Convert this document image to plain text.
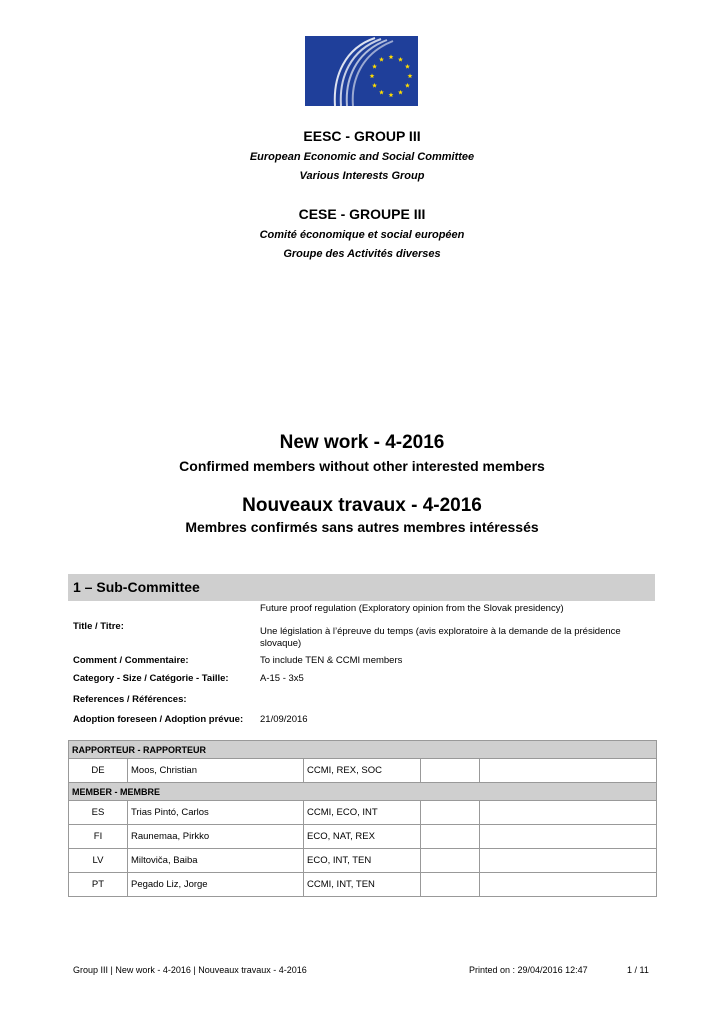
EESC - GROUP III
European Economic and Social Committee
Various Interests Group
CESE - GROUPE III
Comité économique et social européen
Groupe des Activités diverses
New work - 4-2016
Confirmed members without other interested members
Nouveaux travaux - 4-2016
Membres confirmés sans autres membres intéressés
1 – Sub-Committee
Title / Titre:
Future proof regulation (Exploratory opinion from the Slovak presidency)
Une législation à l’épreuve du temps (avis exploratoire à la demande de la présidence slovaque)
Comment / Commentaire:	To include TEN & CCMI members
Category - Size / Catégorie - Taille:	A-15 - 3x5
References / Références:
Adoption foreseen / Adoption prévue: 21/09/2016
RAPPORTEUR - RAPPORTEUR				
DE	Moos, Christian	CCMI, REX, SOC		
MEMBER - MEMBRE				
ES	Trias Pintó, Carlos	CCMI, ECO, INT		
FI	Raunemaa, Pirkko	ECO, NAT, REX		
LV	Miltoviča, Baiba	ECO, INT, TEN		
PT	Pegado Liz, Jorge	CCMI, INT, TEN		
Group III | New work - 4-2016 | Nouveaux travaux - 4-2016	Printed on : 29/04/2016 12:47	1 / 11
